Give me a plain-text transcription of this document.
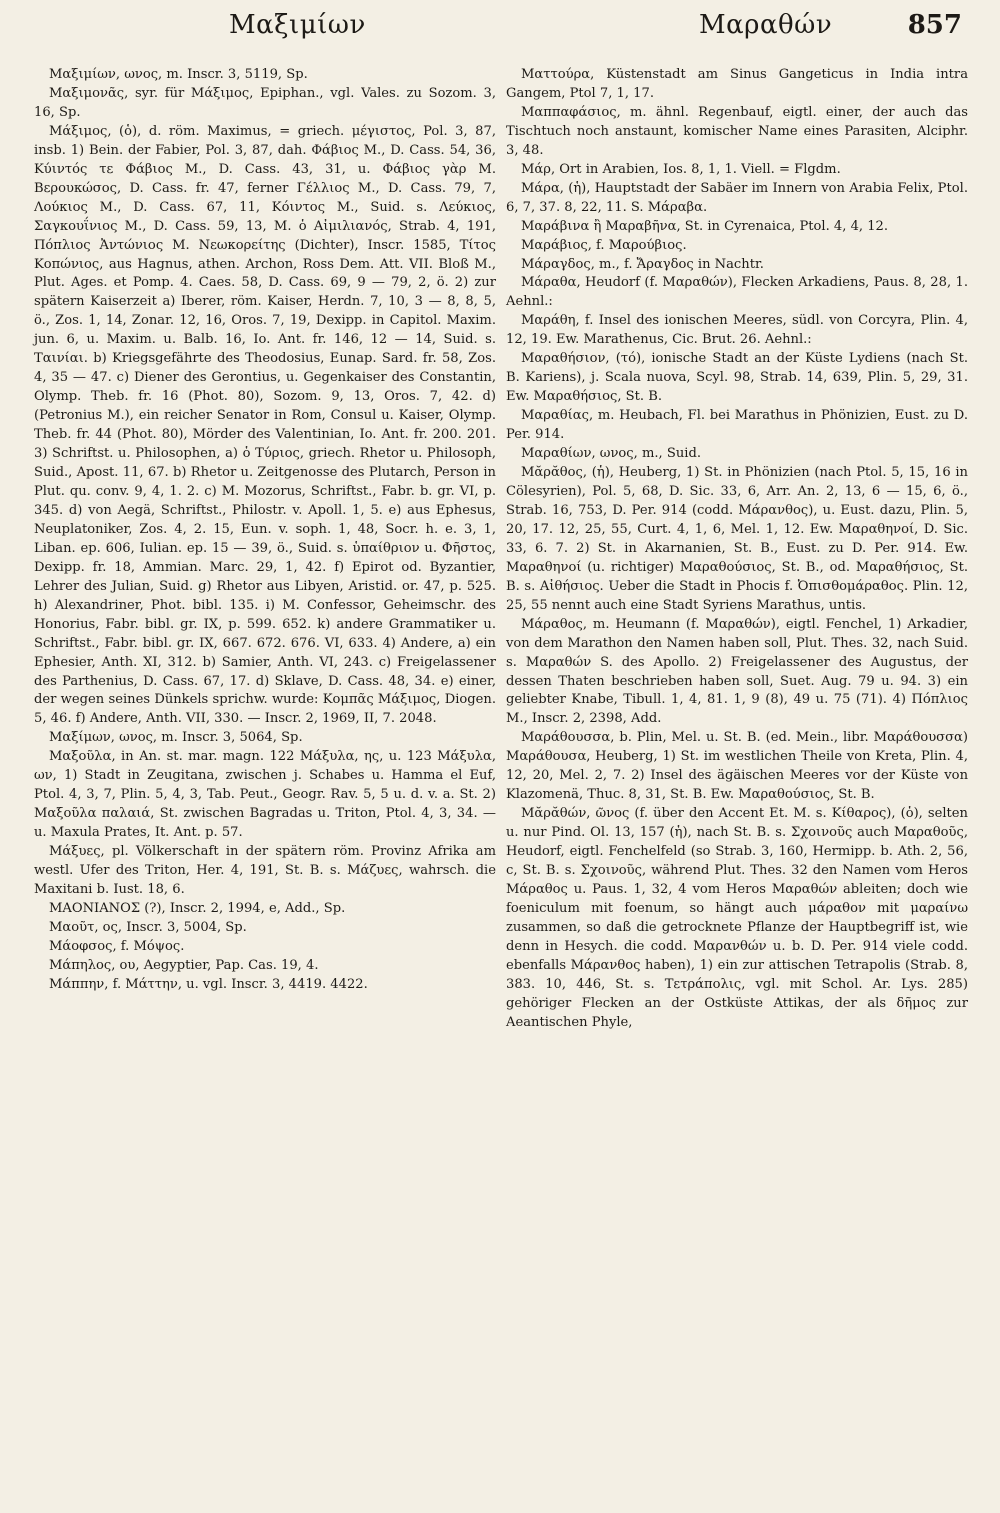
Μαξιμίων	Μαραθών	857

Μαξιμίων, ωνος, m. Inscr. 3, 5119, Sp.

Μαξιμονᾶς, syr. für Μάξιμος, Epiphan., vgl. Vales. zu Sozom. 3, 16, Sp.

Μάξιμος, (ὁ), d. röm. Maximus, = griech. μέγιστος, Pol. 3, 87, insb. 1) Bein. der Fabier, Pol. 3, 87, dah. Φάβιος Μ., D. Cass. 54, 36, Κύιντός τε Φάβιος Μ., D. Cass. 43, 31, u. Φάβιος γὰρ Μ. Βερουκώσος, D. Cass. fr. 47, ferner Γέλλιος Μ., D. Cass. 79, 7, Λούκιος Μ., D. Cass. 67, 11, Κόιντος Μ., Suid. s. Λεύκιος, Σαγκουΐνιος Μ., D. Cass. 59, 13, Μ. ὁ Αἰμιλιανός, Strab. 4, 191, Πόπλιος Ἀντώνιος Μ. Νεωκορείτης (Dichter), Inscr. 1585, Τίτος Κοπώνιος, aus Hagnus, athen. Archon, Ross Dem. Att. VII. Bloß Μ., Plut. Ages. et Pomp. 4. Caes. 58, D. Cass. 69, 9 — 79, 2, ö. 2) zur spätern Kaiserzeit a) Iberer, röm. Kaiser, Herdn. 7, 10, 3 — 8, 8, 5, ö., Zos. 1, 14, Zonar. 12, 16, Oros. 7, 19, Dexipp. in Capitol. Maxim. jun. 6, u. Maxim. u. Balb. 16, Io. Ant. fr. 146, 12 — 14, Suid. s. Ταινίαι. b) Kriegsgefährte des Theodosius, Eunap. Sard. fr. 58, Zos. 4, 35 — 47. c) Diener des Gerontius, u. Gegenkaiser des Constantin, Olymp. Theb. fr. 16 (Phot. 80), Sozom. 9, 13, Oros. 7, 42. d) (Petronius M.), ein reicher Senator in Rom, Consul u. Kaiser, Olymp. Theb. fr. 44 (Phot. 80), Mörder des Valentinian, Io. Ant. fr. 200. 201. 3) Schriftst. u. Philosophen, a) ὁ Τύριος, griech. Rhetor u. Philosoph, Suid., Apost. 11, 67. b) Rhetor u. Zeitgenosse des Plutarch, Person in Plut. qu. conv. 9, 4, 1. 2. c) M. Mozorus, Schriftst., Fabr. b. gr. VI, p. 345. d) von Aegä, Schriftst., Philostr. v. Apoll. 1, 5. e) aus Ephesus, Neuplatoniker, Zos. 4, 2. 15, Eun. v. soph. 1, 48, Socr. h. e. 3, 1, Liban. ep. 606, Iulian. ep. 15 — 39, ö., Suid. s. ὑπαίθριον u. Φῆστος, Dexipp. fr. 18, Ammian. Marc. 29, 1, 42. f) Epirot od. Byzantier, Lehrer des Julian, Suid. g) Rhetor aus Libyen, Aristid. or. 47, p. 525. h) Alexandriner, Phot. bibl. 135. i) M. Confessor, Geheimschr. des Honorius, Fabr. bibl. gr. IX, p. 599. 652. k) andere Grammatiker u. Schriftst., Fabr. bibl. gr. IX, 667. 672. 676. VI, 633. 4) Andere, a) ein Ephesier, Anth. XI, 312. b) Samier, Anth. VI, 243. c) Freigelassener des Parthenius, D. Cass. 67, 17. d) Sklave, D. Cass. 48, 34. e) einer, der wegen seines Dünkels sprichw. wurde: Κομπᾶς Μάξιμος, Diogen. 5, 46. f) Andere, Anth. VII, 330. — Inscr. 2, 1969, II, 7. 2048.

Μαξίμων, ωνος, m. Inscr. 3, 5064, Sp.

Μαξοῦλα, in An. st. mar. magn. 122 Μάξυλα, ης, u. 123 Μάξυλα, ων, 1) Stadt in Zeugitana, zwischen j. Schabes u. Hamma el Euf, Ptol. 4, 3, 7, Plin. 5, 4, 3, Tab. Peut., Geogr. Rav. 5, 5 u. d. v. a. St. 2) Μαξοῦλα παλαιά, St. zwischen Bagradas u. Triton, Ptol. 4, 3, 34. — u. Maxula Prates, It. Ant. p. 57.

Μάξυες, pl. Völkerschaft in der spätern röm. Provinz Afrika am westl. Ufer des Triton, Her. 4, 191, St. B. s. Μάζυες, wahrsch. die Maxitani b. Iust. 18, 6.

ΜΑΟΝΙΑΝΟΣ (?), Inscr. 2, 1994, e, Add., Sp.

Μαοῦτ, ος, Inscr. 3, 5004, Sp.

Μάοφσος, f. Μόψος.

Μάπηλος, ου, Aegyptier, Pap. Cas. 19, 4.

Μάππην, f. Μάττην, u. vgl. Inscr. 3, 4419. 4422.

Ματτούρα, Küstenstadt am Sinus Gangeticus in India intra Gangem, Ptol 7, 1, 17.

Μαππαφάσιος, m. ähnl. Regenbauf, eigtl. einer, der auch das Tischtuch noch anstaunt, komischer Name eines Parasiten, Alciphr. 3, 48.

Μάρ, Ort in Arabien, Ios. 8, 1, 1. Viell. = Flgdm.

Μάρα, (ἡ), Hauptstadt der Sabäer im Innern von Arabia Felix, Ptol. 6, 7, 37. 8, 22, 11. S. Μάραβα.

Μαράβινα ἢ Μαραβῆνα, St. in Cyrenaica, Ptol. 4, 4, 12.

Μαράβιος, f. Μαρούβιος.

Μάραγδος, m., f. Ἄραγδος in Nachtr.

Μάραθα, Heudorf (f. Μαραθών), Flecken Arkadiens, Paus. 8, 28, 1. Aehnl.:

Μαράθη, f. Insel des ionischen Meeres, südl. von Corcyra, Plin. 4, 12, 19. Ew. Marathenus, Cic. Brut. 26. Aehnl.:

Μαραθήσιον, (τό), ionische Stadt an der Küste Lydiens (nach St. B. Kariens), j. Scala nuova, Scyl. 98, Strab. 14, 639, Plin. 5, 29, 31. Ew. Μαραθήσιος, St. B.

Μαραθίας, m. Heubach, Fl. bei Marathus in Phönizien, Eust. zu D. Per. 914.

Μαραθίων, ωνος, m., Suid.

Μᾰρᾰθος, (ἡ), Heuberg, 1) St. in Phönizien (nach Ptol. 5, 15, 16 in Cölesyrien), Pol. 5, 68, D. Sic. 33, 6, Arr. An. 2, 13, 6 — 15, 6, ö., Strab. 16, 753, D. Per. 914 (codd. Μάρανθος), u. Eust. dazu, Plin. 5, 20, 17. 12, 25, 55, Curt. 4, 1, 6, Mel. 1, 12. Ew. Μαραθηνοί, D. Sic. 33, 6. 7. 2) St. in Akarnanien, St. B., Eust. zu D. Per. 914. Ew. Μαραθηνοί (u. richtiger) Μαραθούσιος, St. B., od. Μαραθήσιος, St. B. s. Αἰθήσιος. Ueber die Stadt in Phocis f. Ὀπισθομάραθος. Plin. 12, 25, 55 nennt auch eine Stadt Syriens Marathus, untis.

Μάραθος, m. Heumann (f. Μαραθών), eigtl. Fenchel, 1) Arkadier, von dem Marathon den Namen haben soll, Plut. Thes. 32, nach Suid. s. Μαραθών S. des Apollo. 2) Freigelassener des Augustus, der dessen Thaten beschrieben haben soll, Suet. Aug. 79 u. 94. 3) ein geliebter Knabe, Tibull. 1, 4, 81. 1, 9 (8), 49 u. 75 (71). 4) Πόπλιος Μ., Inscr. 2, 2398, Add.

Μαράθουσσα, b. Plin, Mel. u. St. B. (ed. Mein., libr. Μαράθουσσα) Μαράθουσα, Heuberg, 1) St. im westlichen Theile von Kreta, Plin. 4, 12, 20, Mel. 2, 7. 2) Insel des ägäischen Meeres vor der Küste von Klazomenä, Thuc. 8, 31, St. B. Ew. Μαραθούσιος, St. B.

Μᾰρᾰθών, ῶνος (f. über den Accent Et. M. s. Κίθαρος), (ὁ), selten u. nur Pind. Ol. 13, 157 (ἡ), nach St. B. s. Σχοινοῦς auch Μαραθοῦς, Heudorf, eigtl. Fenchelfeld (so Strab. 3, 160, Hermipp. b. Ath. 2, 56, c, St. B. s. Σχοινοῦς, während Plut. Thes. 32 den Namen vom Heros Μάραθος u. Paus. 1, 32, 4 vom Heros Μαραθών ableiten; doch wie foeniculum mit foenum, so hängt auch μάραθον mit μαραίνω zusammen, so daß die getrocknete Pflanze der Hauptbegriff ist, wie denn in Hesych. die codd. Μαρανθών u. b. D. Per. 914 viele codd. ebenfalls Μάρανθος haben), 1) ein zur attischen Tetrapolis (Strab. 8, 383. 10, 446, St. s. Τετράπολις, vgl. mit Schol. Ar. Lys. 285) gehöriger Flecken an der Ostküste Attikas, der als δῆμος zur Aeantischen Phyle,
